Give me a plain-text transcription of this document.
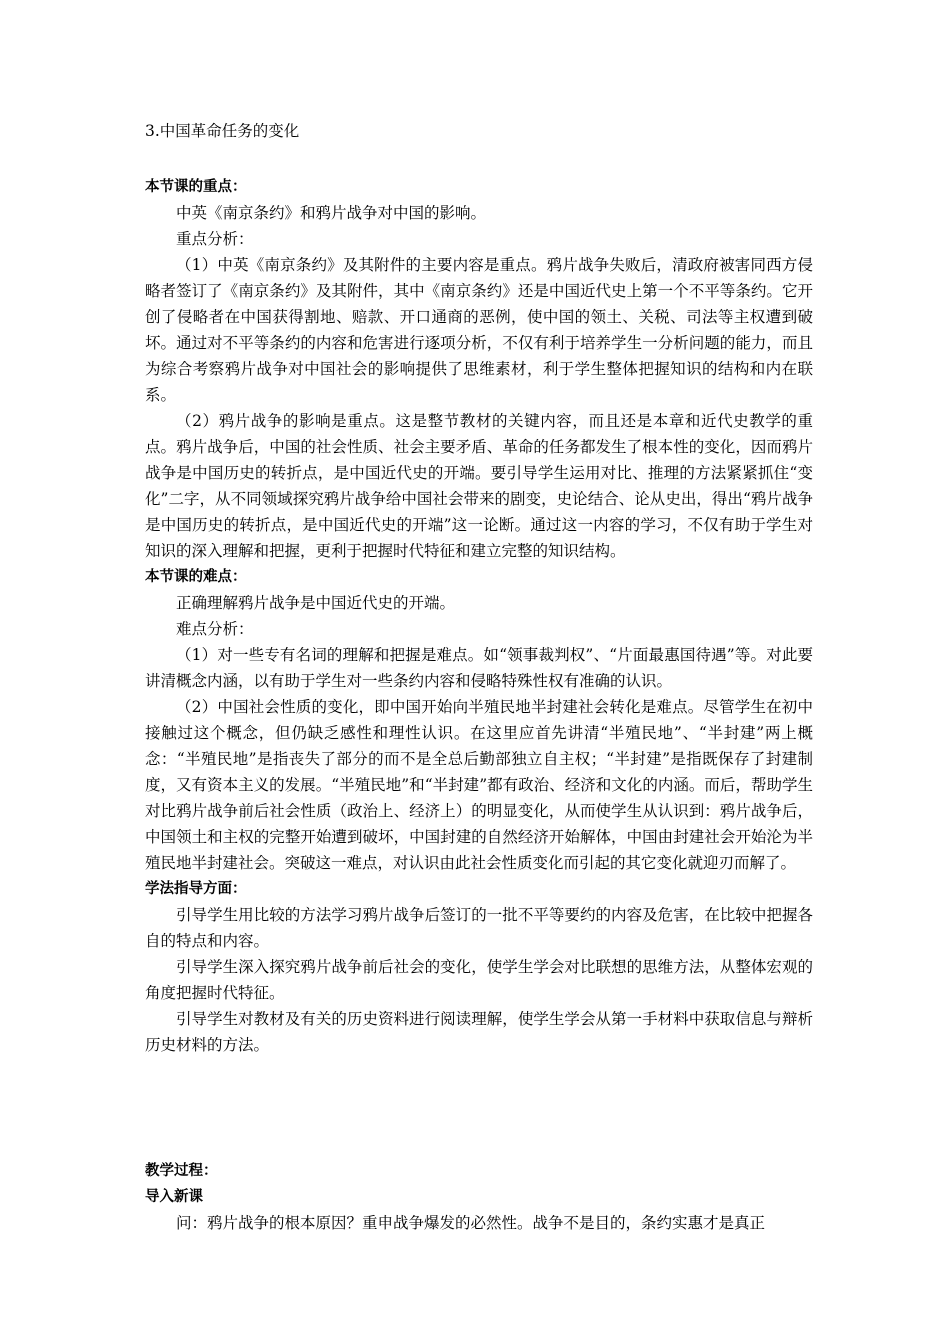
3.中国革命任务的变化

本节课的重点：

中英《南京条约》和鸦片战争对中国的影响。

重点分析：

（1）中英《南京条约》及其附件的主要内容是重点。鸦片战争失败后，清政府被害同西方侵略者签订了《南京条约》及其附件，其中《南京条约》还是中国近代史上第一个不平等条约。它开创了侵略者在中国获得割地、赔款、开口通商的恶例，使中国的领土、关税、司法等主权遭到破坏。通过对不平等条约的内容和危害进行逐项分析，不仅有利于培养学生一分析问题的能力，而且为综合考察鸦片战争对中国社会的影响提供了思维素材，利于学生整体把握知识的结构和内在联系。

（2）鸦片战争的影响是重点。这是整节教材的关键内容，而且还是本章和近代史教学的重点。鸦片战争后，中国的社会性质、社会主要矛盾、革命的任务都发生了根本性的变化，因而鸦片战争是中国历史的转折点，是中国近代史的开端。要引导学生运用对比、推理的方法紧紧抓住“变化”二字，从不同领域探究鸦片战争给中国社会带来的剧变，史论结合、论从史出，得出“鸦片战争是中国历史的转折点，是中国近代史的开端”这一论断。通过这一内容的学习，不仅有助于学生对知识的深入理解和把握，更利于把握时代特征和建立完整的知识结构。

本节课的难点：

正确理解鸦片战争是中国近代史的开端。

难点分析：

（1）对一些专有名词的理解和把握是难点。如“领事裁判权”、“片面最惠国待遇”等。对此要讲清概念内涵，以有助于学生对一些条约内容和侵略特殊性权有准确的认识。

（2）中国社会性质的变化，即中国开始向半殖民地半封建社会转化是难点。尽管学生在初中接触过这个概念，但仍缺乏感性和理性认识。在这里应首先讲清“半殖民地”、“半封建”两上概念：“半殖民地”是指丧失了部分的而不是全总后勤部独立自主权；“半封建”是指既保存了封建制度，又有资本主义的发展。“半殖民地”和“半封建”都有政治、经济和文化的内涵。而后，帮助学生对比鸦片战争前后社会性质（政治上、经济上）的明显变化，从而使学生从认识到：鸦片战争后，中国领土和主权的完整开始遭到破坏，中国封建的自然经济开始解体，中国由封建社会开始沦为半殖民地半封建社会。突破这一难点，对认识由此社会性质变化而引起的其它变化就迎刃而解了。

学法指导方面：

引导学生用比较的方法学习鸦片战争后签订的一批不平等要约的内容及危害，在比较中把握各自的特点和内容。

引导学生深入探究鸦片战争前后社会的变化，使学生学会对比联想的思维方法，从整体宏观的角度把握时代特征。

引导学生对教材及有关的历史资料进行阅读理解，使学生学会从第一手材料中获取信息与辩析历史材料的方法。

教学过程：

导入新课

问：鸦片战争的根本原因？重申战争爆发的必然性。战争不是目的，条约实惠才是真正
